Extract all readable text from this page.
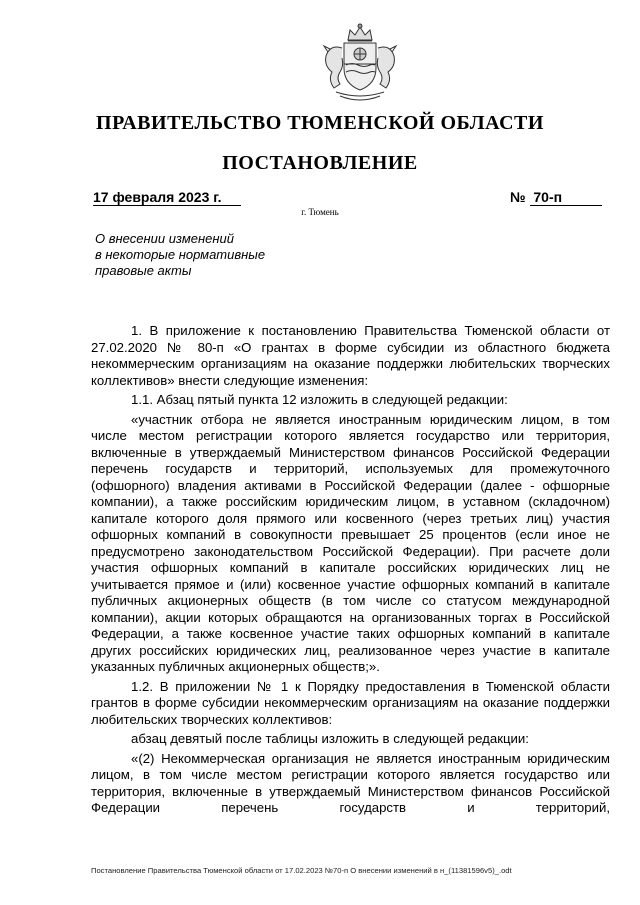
ПРАВИТЕЛЬСТВО ТЮМЕНСКОЙ ОБЛАСТИ
ПОСТАНОВЛЕНИЕ
17 февраля 2023 г.	№ 70-п
г. Тюмень
О внесении изменений
в некоторые нормативные
правовые акты

1. В приложение к постановлению Правительства Тюменской области от 27.02.2020 № 80-п «О грантах в форме субсидии из областного бюджета некоммерческим организациям на оказание поддержки любительских творческих коллективов» внести следующие изменения:

1.1. Абзац пятый пункта 12 изложить в следующей редакции:

«участник отбора не является иностранным юридическим лицом, в том числе местом регистрации которого является государство или территория, включенные в утверждаемый Министерством финансов Российской Федерации перечень государств и территорий, используемых для промежуточного (офшорного) владения активами в Российской Федерации (далее - офшорные компании), а также российским юридическим лицом, в уставном (складочном) капитале которого доля прямого или косвенного (через третьих лиц) участия офшорных компаний в совокупности превышает 25 процентов (если иное не предусмотрено законодательством Российской Федерации). При расчете доли участия офшорных компаний в капитале российских юридических лиц не учитывается прямое и (или) косвенное участие офшорных компаний в капитале публичных акционерных обществ (в том числе со статусом международной компании), акции которых обращаются на организованных торгах в Российской Федерации, а также косвенное участие таких офшорных компаний в капитале других российских юридических лиц, реализованное через участие в капитале указанных публичных акционерных обществ;».

1.2. В приложении № 1 к Порядку предоставления в Тюменской области грантов в форме субсидии некоммерческим организациям на оказание поддержки любительских творческих коллективов:

абзац девятый после таблицы изложить в следующей редакции:

«(2) Некоммерческая организация не является иностранным юридическим лицом, в том числе местом регистрации которого является государство или территория, включенные в утверждаемый Министерством финансов Российской Федерации перечень государств и территорий,

Постановление Правительства Тюменской области от 17.02.2023 №70-п О внесении изменений в н_(11381596v5)_.odt
